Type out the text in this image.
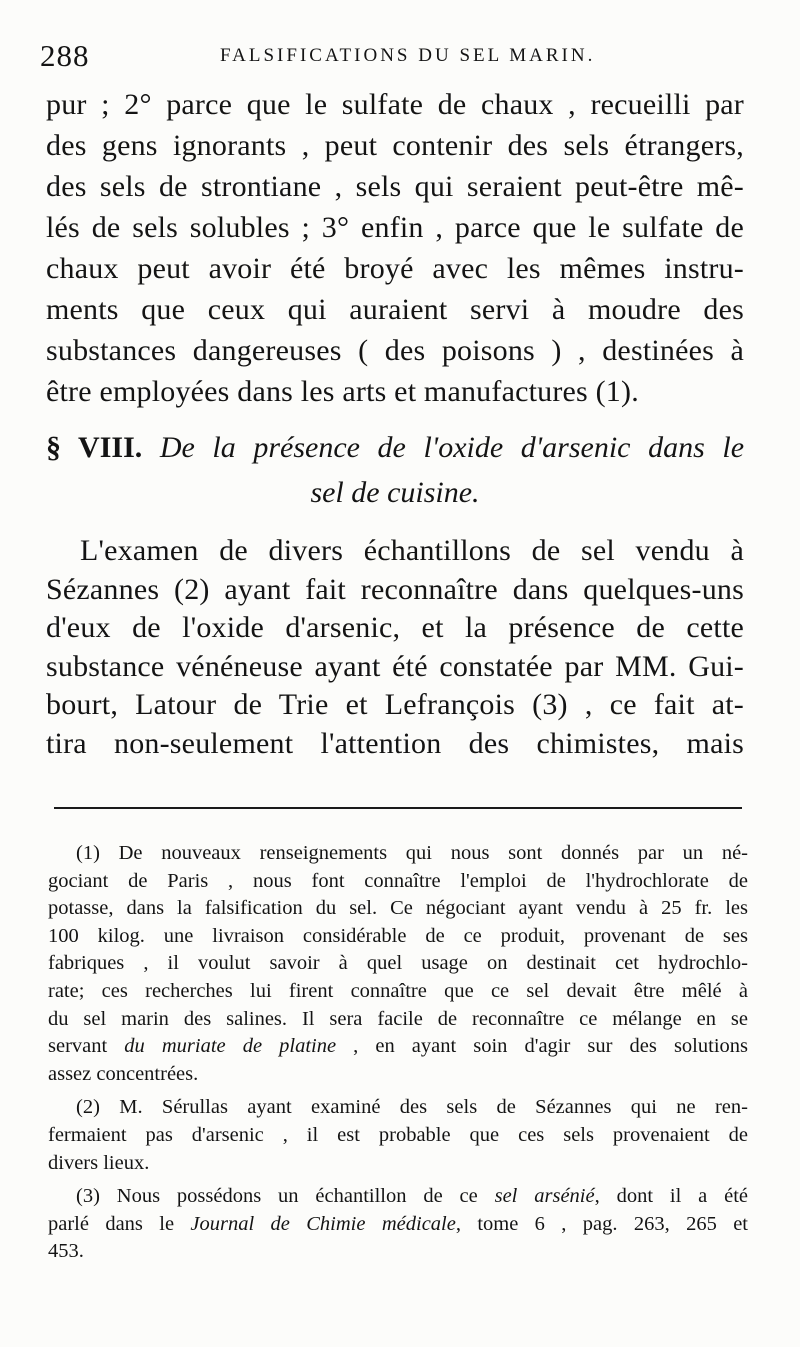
288	FALSIFICATIONS DU SEL MARIN.
pur ; 2° parce que le sulfate de chaux , recueilli par
des gens ignorants , peut contenir des sels étrangers,
des sels de strontiane , sels qui seraient peut-être mê-
lés de sels solubles ; 3° enfin , parce que le sulfate de
chaux peut avoir été broyé avec les mêmes instru-
ments que ceux qui auraient servi à moudre des
substances dangereuses ( des poisons ) , destinées à
être employées dans les arts et manufactures (1).
§ VIII. De la présence de l'oxide d'arsenic dans le
sel de cuisine.
L'examen de divers échantillons de sel vendu à
Sézannes (2) ayant fait reconnaître dans quelques-uns
d'eux de l'oxide d'arsenic, et la présence de cette
substance vénéneuse ayant été constatée par MM. Gui-
bourt, Latour de Trie et Lefrançois (3) , ce fait at-
tira non-seulement l'attention des chimistes, mais
(1) De nouveaux renseignements qui nous sont donnés par un né-
gociant de Paris , nous font connaître l'emploi de l'hydrochlorate de
potasse, dans la falsification du sel. Ce négociant ayant vendu à 25 fr. les
100 kilog. une livraison considérable de ce produit, provenant de ses
fabriques , il voulut savoir à quel usage on destinait cet hydrochlo-
rate; ces recherches lui firent connaître que ce sel devait être mêlé à
du sel marin des salines. Il sera facile de reconnaître ce mélange en se
servant du muriate de platine , en ayant soin d'agir sur des solutions
assez concentrées.
(2) M. Sérullas ayant examiné des sels de Sézannes qui ne ren-
fermaient pas d'arsenic , il est probable que ces sels provenaient de
divers lieux.
(3) Nous possédons un échantillon de ce sel arsénié, dont il a été
parlé dans le Journal de Chimie médicale, tome 6 , pag. 263, 265 et
453.
